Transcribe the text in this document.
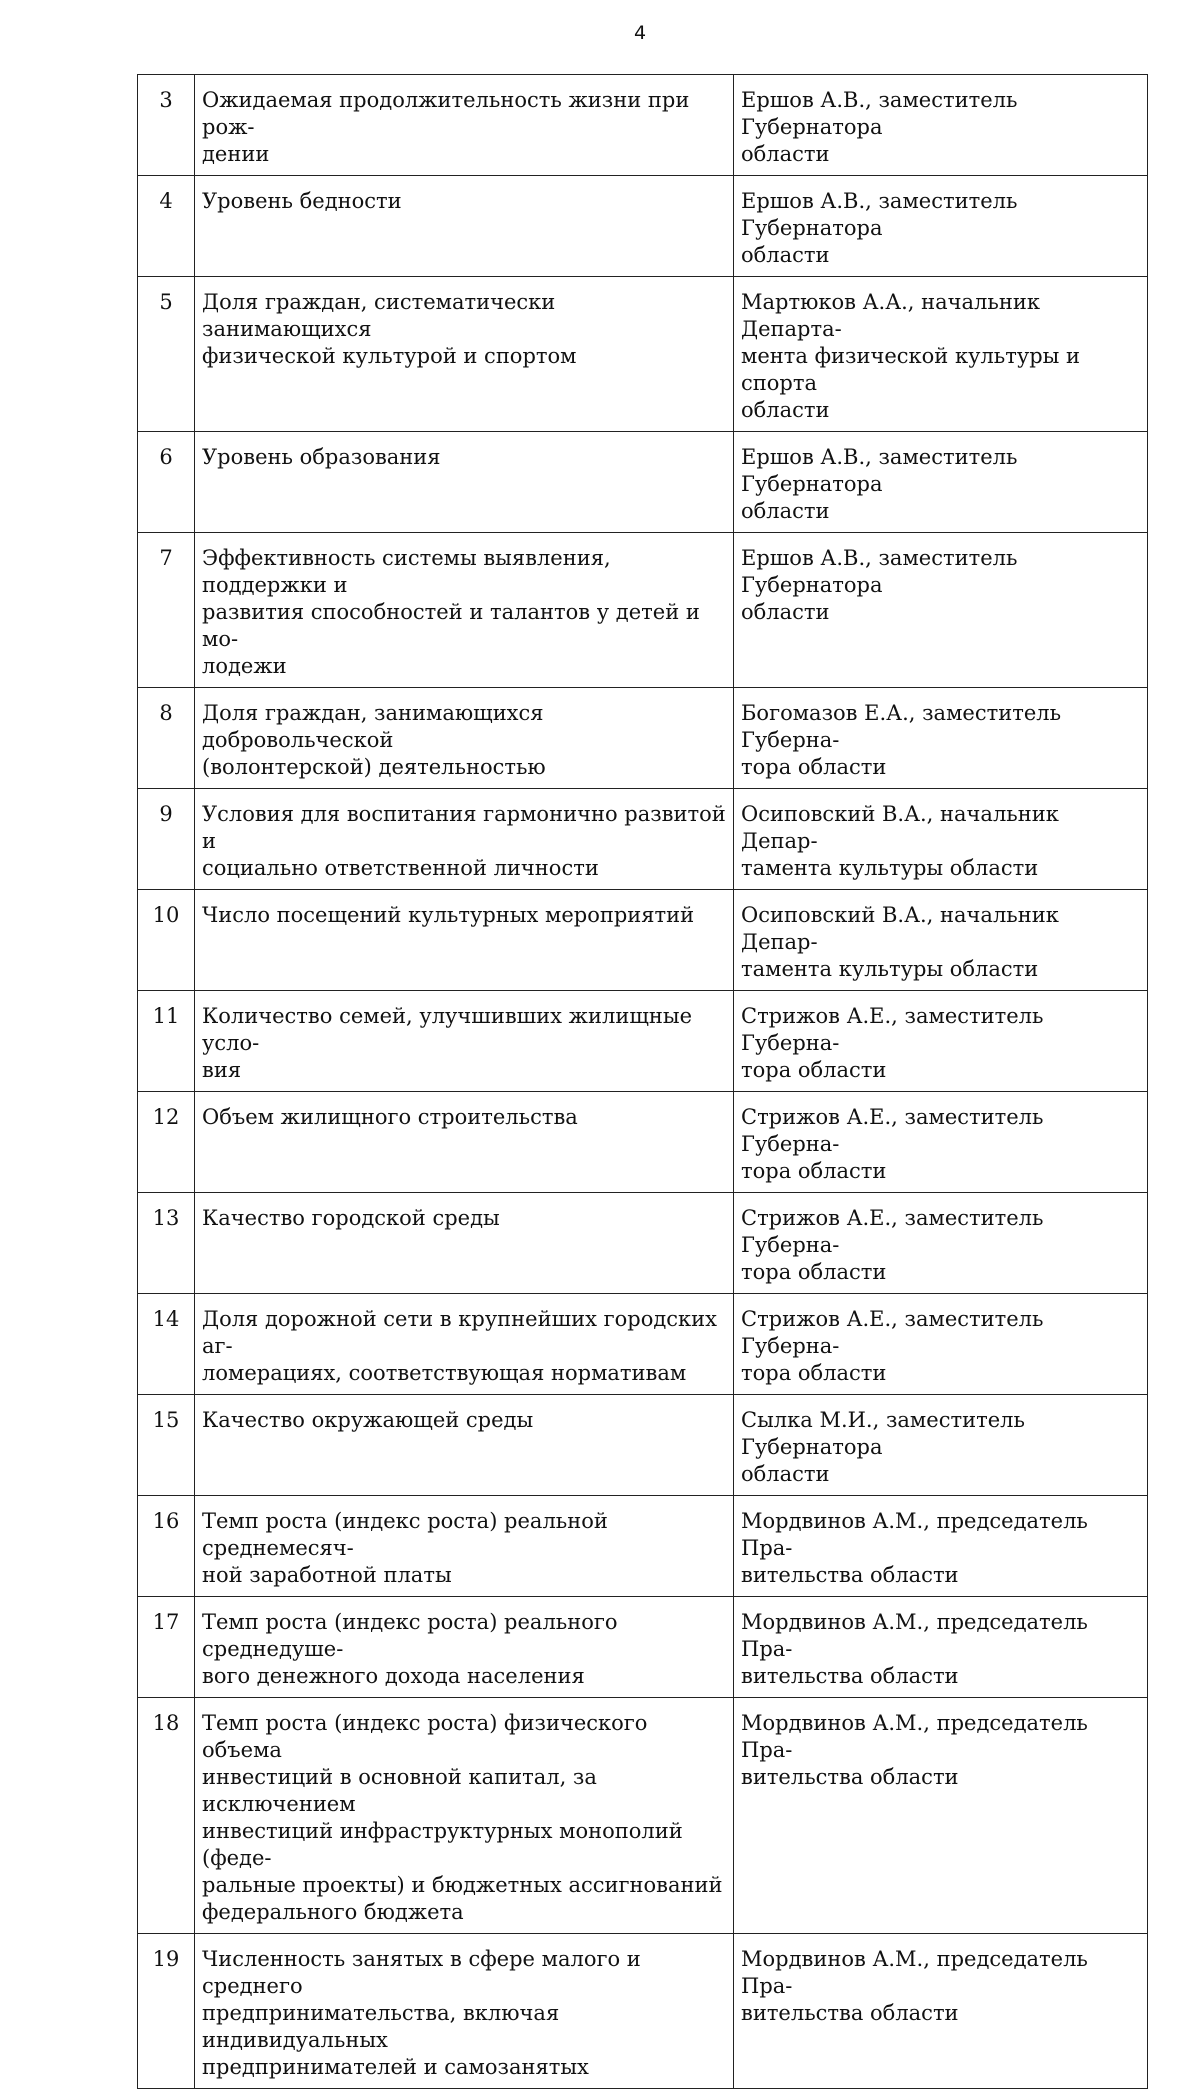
4
3	Ожидаемая продолжительность жизни при рож-
дении	Ершов А.В., заместитель Губернатора
области
4	Уровень бедности	Ершов А.В., заместитель Губернатора
области
5	Доля граждан, систематически занимающихся
физической культурой и спортом	Мартюков А.А., начальник Департа-
мента физической культуры и спорта
области
6	Уровень образования	Ершов А.В., заместитель Губернатора
области
7	Эффективность системы выявления, поддержки и
развития способностей и талантов у детей и мо-
лодежи	Ершов А.В., заместитель Губернатора
области
8	Доля граждан, занимающихся добровольческой
(волонтерской) деятельностью	Богомазов Е.А., заместитель Губерна-
тора области
9	Условия для воспитания гармонично развитой и
социально ответственной личности	Осиповский В.А., начальник Депар-
тамента культуры области
10	Число посещений культурных мероприятий	Осиповский В.А., начальник Депар-
тамента культуры области
11	Количество семей, улучшивших жилищные усло-
вия	Стрижов А.Е., заместитель Губерна-
тора области
12	Объем жилищного строительства	Стрижов А.Е., заместитель Губерна-
тора области
13	Качество городской среды	Стрижов А.Е., заместитель Губерна-
тора области
14	Доля дорожной сети в крупнейших городских аг-
ломерациях, соответствующая нормативам	Стрижов А.Е., заместитель Губерна-
тора области
15	Качество окружающей среды	Сылка М.И., заместитель Губернатора
области
16	Темп роста (индекс роста) реальной среднемесяч-
ной заработной платы	Мордвинов А.М., председатель Пра-
вительства области
17	Темп роста (индекс роста) реального среднедуше-
вого денежного дохода населения	Мордвинов А.М., председатель Пра-
вительства области
18	Темп роста (индекс роста) физического объема
инвестиций в основной капитал, за исключением
инвестиций инфраструктурных монополий (феде-
ральные проекты) и бюджетных ассигнований
федерального бюджета	Мордвинов А.М., председатель Пра-
вительства области
19	Численность занятых в сфере малого и среднего
предпринимательства, включая индивидуальных
предпринимателей и самозанятых	Мордвинов А.М., председатель Пра-
вительства области
